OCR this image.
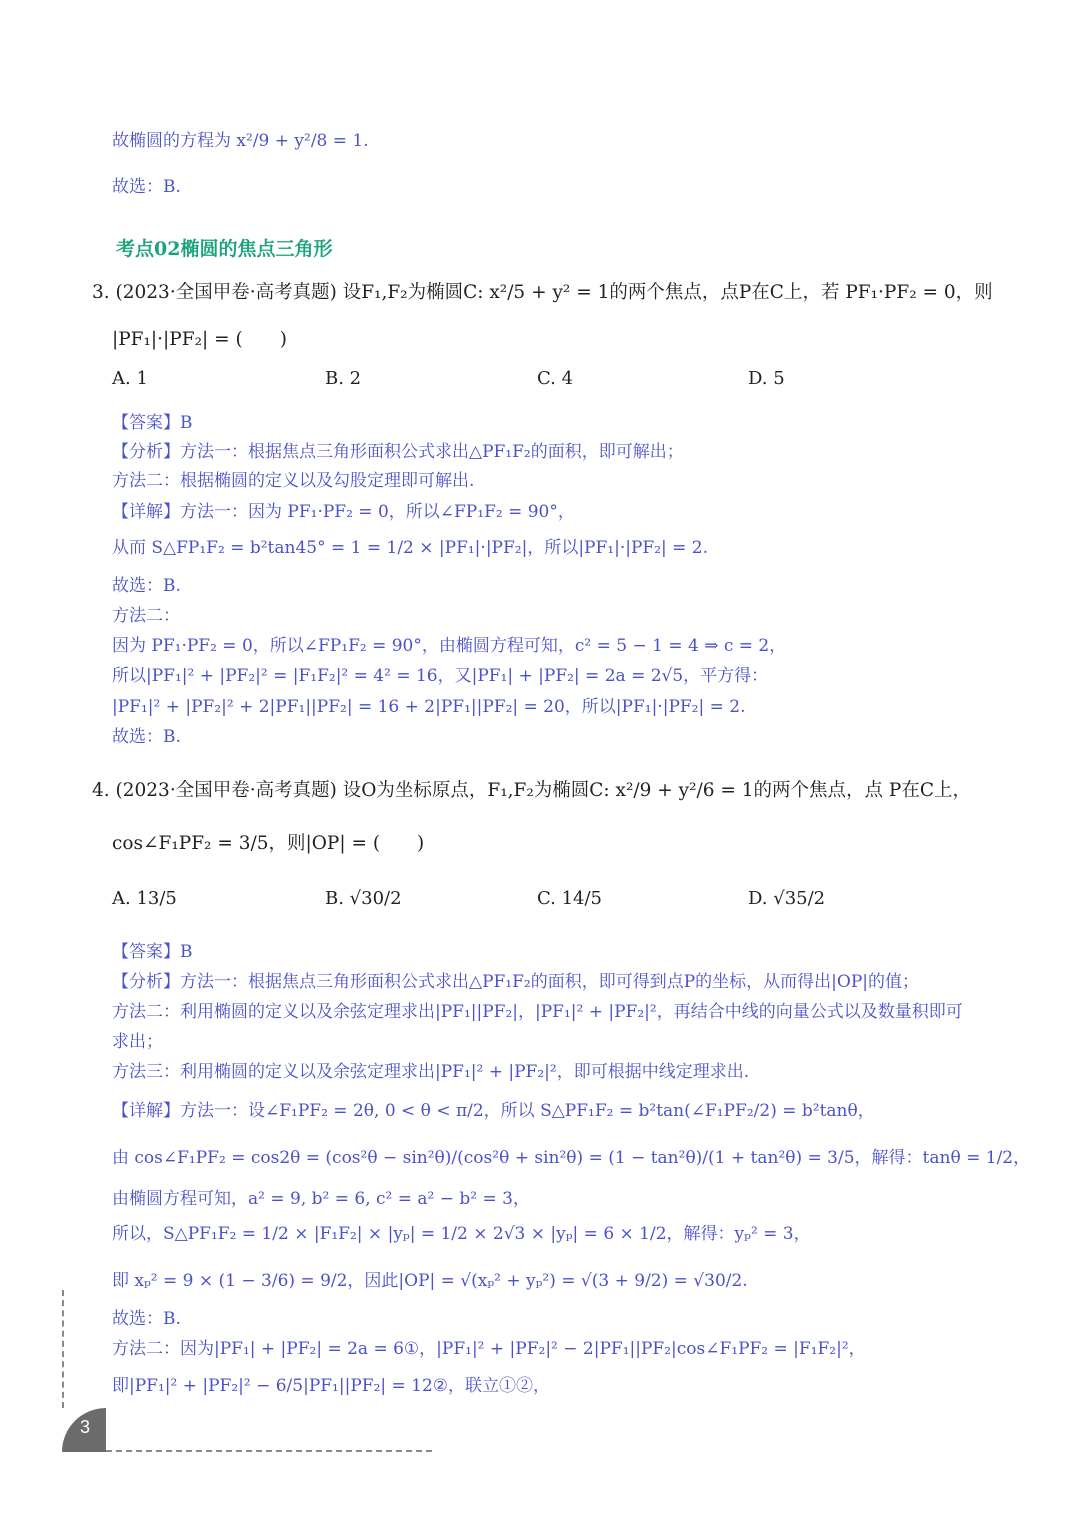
故椭圆的方程为 x²/9 + y²/8 = 1.
故选：B.
考点02椭圆的焦点三角形
3. (2023·全国甲卷·高考真题) 设F₁,F₂为椭圆C: x²/5 + y² = 1的两个焦点，点P在C上，若 PF₁·PF₂ = 0，则
|PF₁|·|PF₂| = (　　)
A. 1	B. 2	C. 4	D. 5
【答案】B
【分析】方法一：根据焦点三角形面积公式求出△PF₁F₂的面积，即可解出；
方法二：根据椭圆的定义以及勾股定理即可解出.
【详解】方法一：因为 PF₁·PF₂ = 0，所以∠FP₁F₂ = 90°，
从而 S△FP₁F₂ = b²tan45° = 1 = 1/2 × |PF₁|·|PF₂|，所以|PF₁|·|PF₂| = 2.
故选：B.
方法二：
因为 PF₁·PF₂ = 0，所以∠FP₁F₂ = 90°，由椭圆方程可知，c² = 5 − 1 = 4 ⇒ c = 2，
所以|PF₁|² + |PF₂|² = |F₁F₂|² = 4² = 16，又|PF₁| + |PF₂| = 2a = 2√5，平方得：
|PF₁|² + |PF₂|² + 2|PF₁||PF₂| = 16 + 2|PF₁||PF₂| = 20，所以|PF₁|·|PF₂| = 2.
故选：B.
4. (2023·全国甲卷·高考真题) 设O为坐标原点，F₁,F₂为椭圆C: x²/9 + y²/6 = 1的两个焦点，点 P在C上，
cos∠F₁PF₂ = 3/5，则|OP| = (　　)
A. 13/5	B. √30/2	C. 14/5	D. √35/2
【答案】B
【分析】方法一：根据焦点三角形面积公式求出△PF₁F₂的面积，即可得到点P的坐标，从而得出|OP|的值；
方法二：利用椭圆的定义以及余弦定理求出|PF₁||PF₂|，|PF₁|² + |PF₂|²，再结合中线的向量公式以及数量积即可
求出；
方法三：利用椭圆的定义以及余弦定理求出|PF₁|² + |PF₂|²，即可根据中线定理求出.
【详解】方法一：设∠F₁PF₂ = 2θ, 0 < θ < π/2，所以 S△PF₁F₂ = b²tan(∠F₁PF₂/2) = b²tanθ，
由 cos∠F₁PF₂ = cos2θ = (cos²θ − sin²θ)/(cos²θ + sin²θ) = (1 − tan²θ)/(1 + tan²θ) = 3/5，解得：tanθ = 1/2，
由椭圆方程可知，a² = 9, b² = 6, c² = a² − b² = 3，
所以，S△PF₁F₂ = 1/2 × |F₁F₂| × |yₚ| = 1/2 × 2√3 × |yₚ| = 6 × 1/2，解得：yₚ² = 3，
即 xₚ² = 9 × (1 − 3/6) = 9/2，因此|OP| = √(xₚ² + yₚ²) = √(3 + 9/2) = √30/2.
故选：B.
方法二：因为|PF₁| + |PF₂| = 2a = 6①，|PF₁|² + |PF₂|² − 2|PF₁||PF₂|cos∠F₁PF₂ = |F₁F₂|²，
即|PF₁|² + |PF₂|² − 6/5|PF₁||PF₂| = 12②，联立①②，
3
